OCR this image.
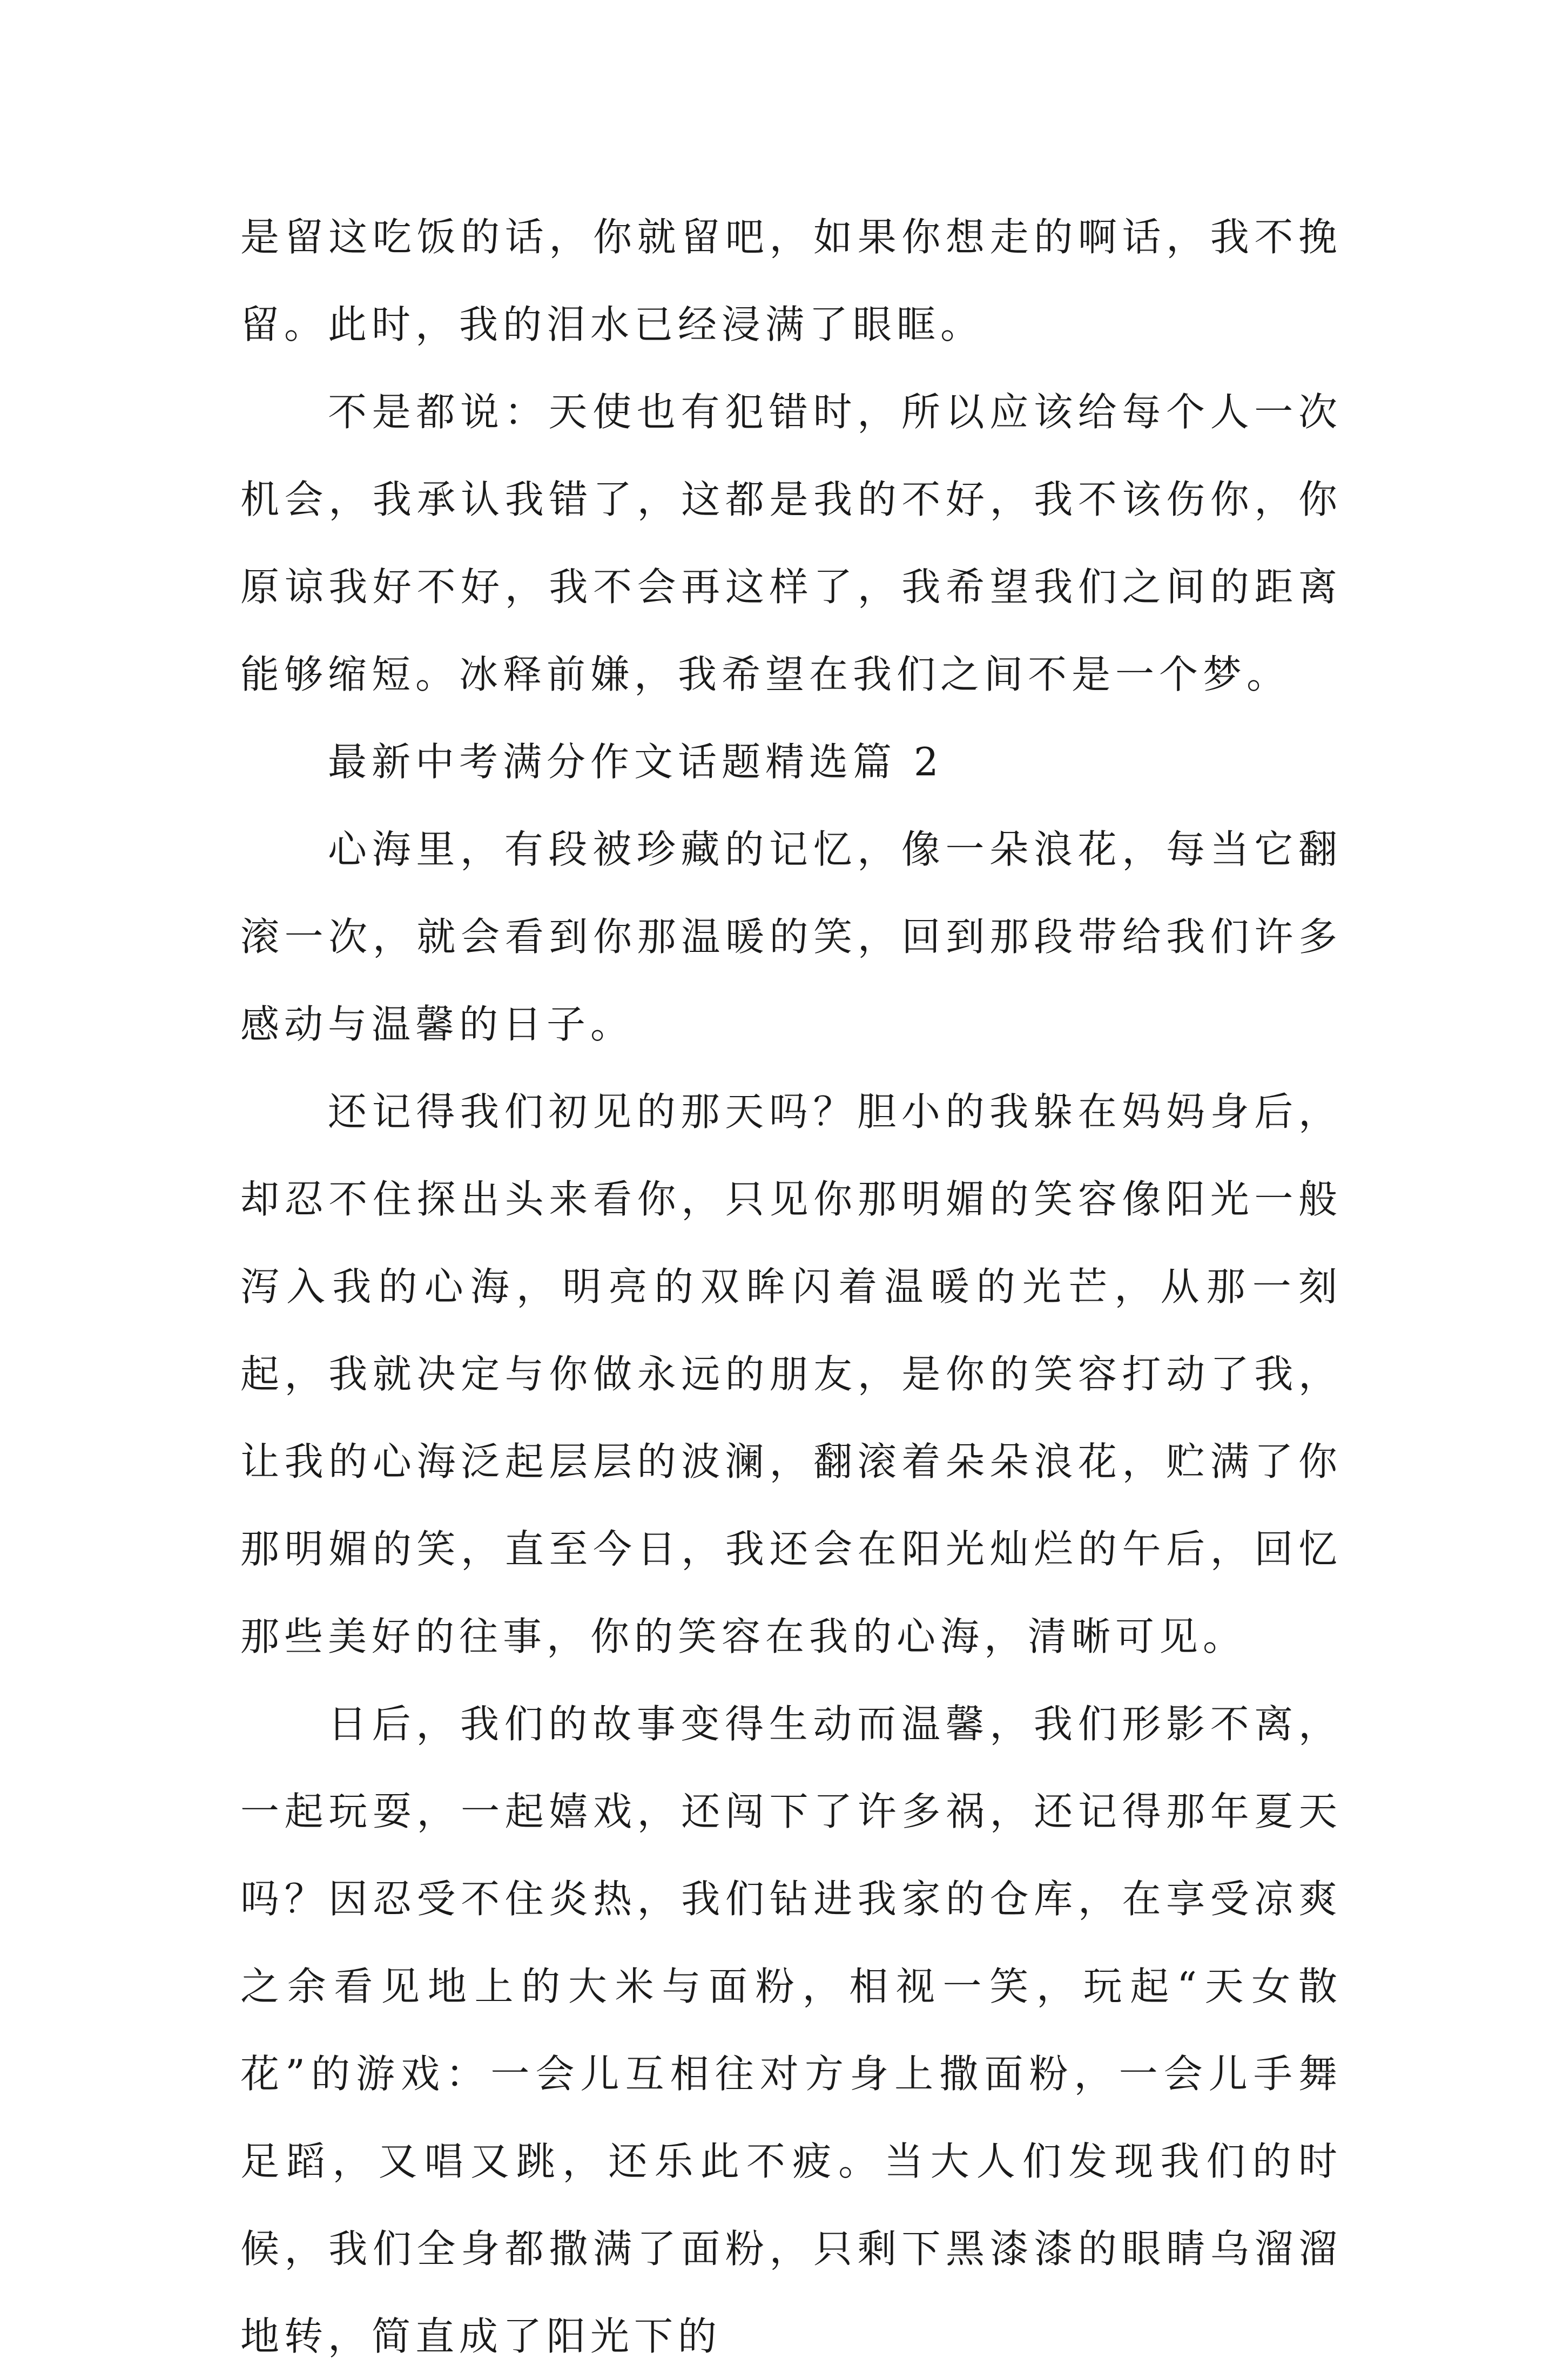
是留这吃饭的话，你就留吧，如果你想走的啊话，我不挽留。此时，我的泪水已经浸满了眼眶。

不是都说：天使也有犯错时，所以应该给每个人一次机会，我承认我错了，这都是我的不好，我不该伤你，你原谅我好不好，我不会再这样了，我希望我们之间的距离能够缩短。冰释前嫌，我希望在我们之间不是一个梦。

最新中考满分作文话题精选篇 2

心海里，有段被珍藏的记忆，像一朵浪花，每当它翻滚一次，就会看到你那温暖的笑，回到那段带给我们许多感动与温馨的日子。

还记得我们初见的那天吗？胆小的我躲在妈妈身后，却忍不住探出头来看你，只见你那明媚的笑容像阳光一般泻入我的心海，明亮的双眸闪着温暖的光芒，从那一刻起，我就决定与你做永远的朋友，是你的笑容打动了我，让我的心海泛起层层的波澜，翻滚着朵朵浪花，贮满了你那明媚的笑，直至今日，我还会在阳光灿烂的午后，回忆那些美好的往事，你的笑容在我的心海，清晰可见。

日后，我们的故事变得生动而温馨，我们形影不离，一起玩耍，一起嬉戏，还闯下了许多祸，还记得那年夏天吗？因忍受不住炎热，我们钻进我家的仓库，在享受凉爽之余看见地上的大米与面粉，相视一笑，玩起“天女散花”的游戏：一会儿互相往对方身上撒面粉，一会儿手舞足蹈，又唱又跳，还乐此不疲。当大人们发现我们的时候，我们全身都撒满了面粉，只剩下黑漆漆的眼睛乌溜溜地转，简直成了阳光下的
